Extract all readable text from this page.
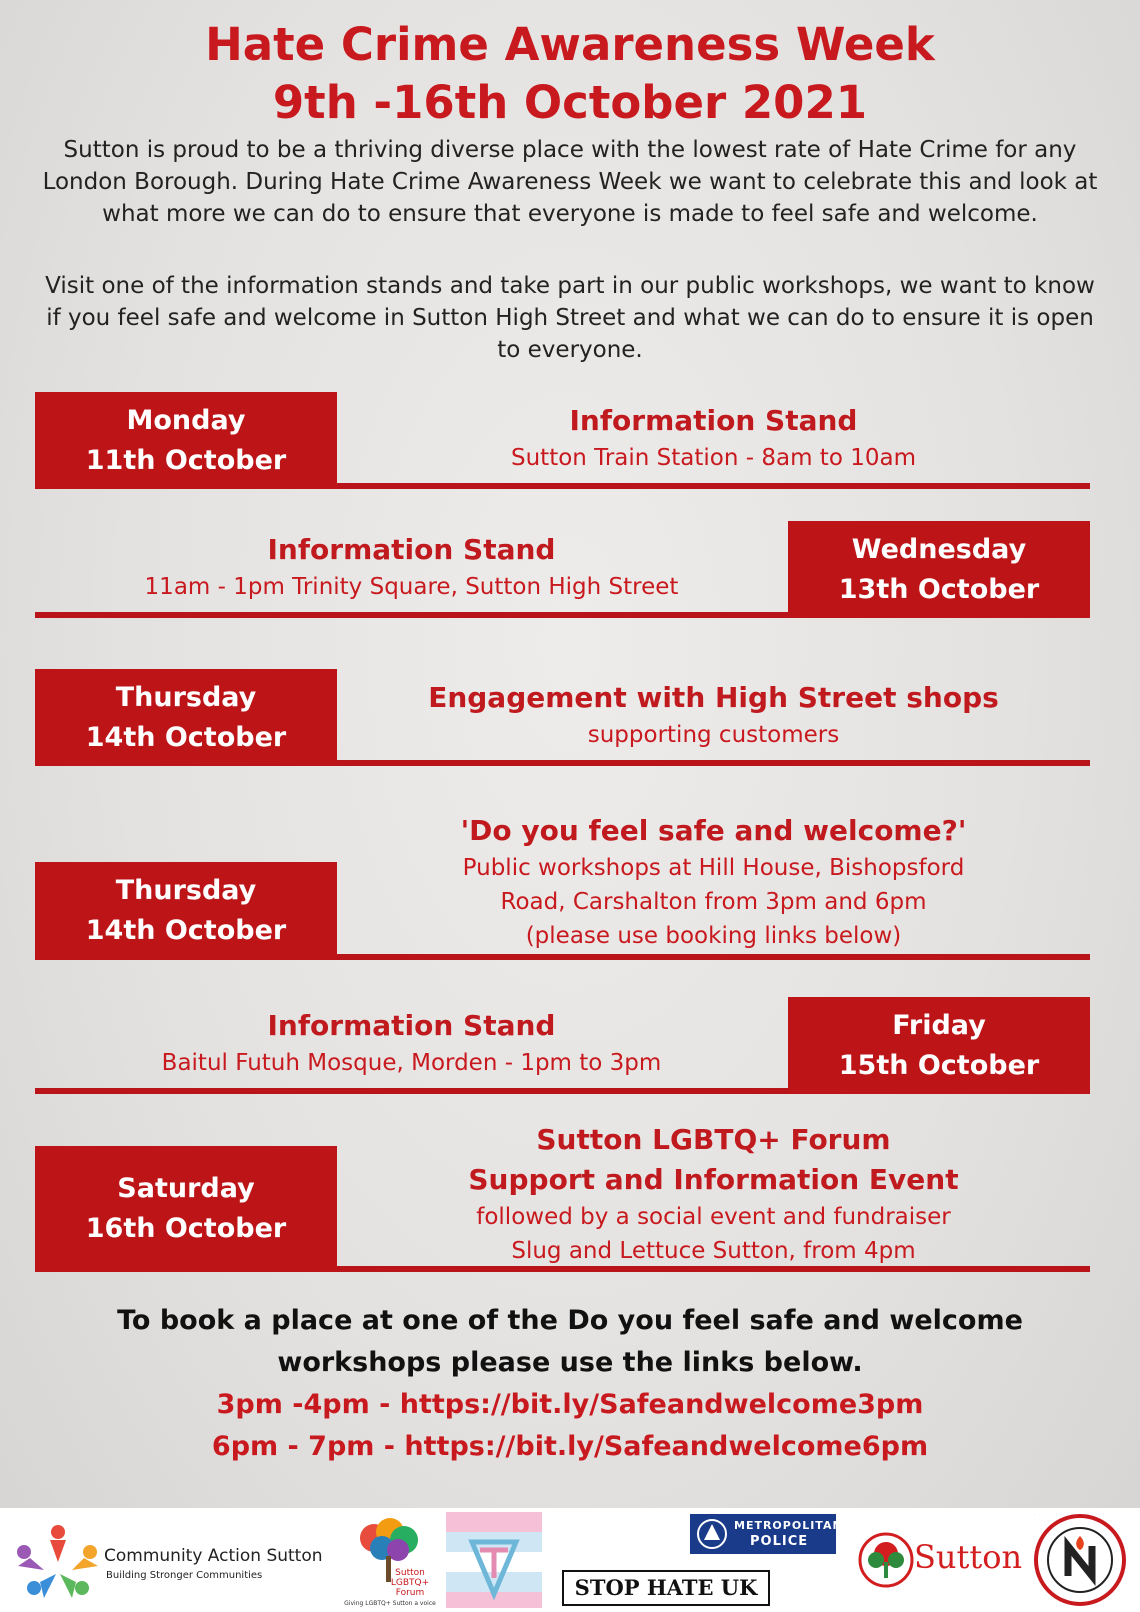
Hate Crime Awareness Week
9th -16th October 2021
Sutton is proud to be a thriving diverse place with the lowest rate of Hate Crime for any London Borough. During Hate Crime Awareness Week we want to celebrate this and look at what more we can do to ensure that everyone is made to feel safe and welcome.
Visit one of the information stands and take part in our public workshops, we want to know if you feel safe and welcome in Sutton High Street and what we can do to ensure it is open to everyone.
Monday
11th October
Information Stand
Sutton Train Station - 8am to 10am
Information Stand
11am - 1pm Trinity Square, Sutton High Street
Wednesday
13th October
Thursday
14th October
Engagement with High Street shops
supporting customers
Thursday
14th October
'Do you feel safe and welcome?'
Public workshops at Hill House, Bishopsford
Road, Carshalton from 3pm and 6pm
(please use booking links below)
Information Stand
Baitul Futuh Mosque, Morden - 1pm to 3pm
Friday
15th October
Saturday
16th October
Sutton LGBTQ+ Forum
Support and Information Event
followed by a social event and fundraiser
Slug and Lettuce Sutton, from 4pm
To book a place at one of the Do you feel safe and welcome
workshops please use the links below.
3pm -4pm - https://bit.ly/Safeandwelcome3pm
6pm - 7pm - https://bit.ly/Safeandwelcome6pm
Community Action Sutton
Building Stronger Communities	Sutton LGBTQ+ Forum
Giving LGBTQ+ Sutton a voice
METROPOLITAN
POLICE
STOP HATE UK
Sutton
